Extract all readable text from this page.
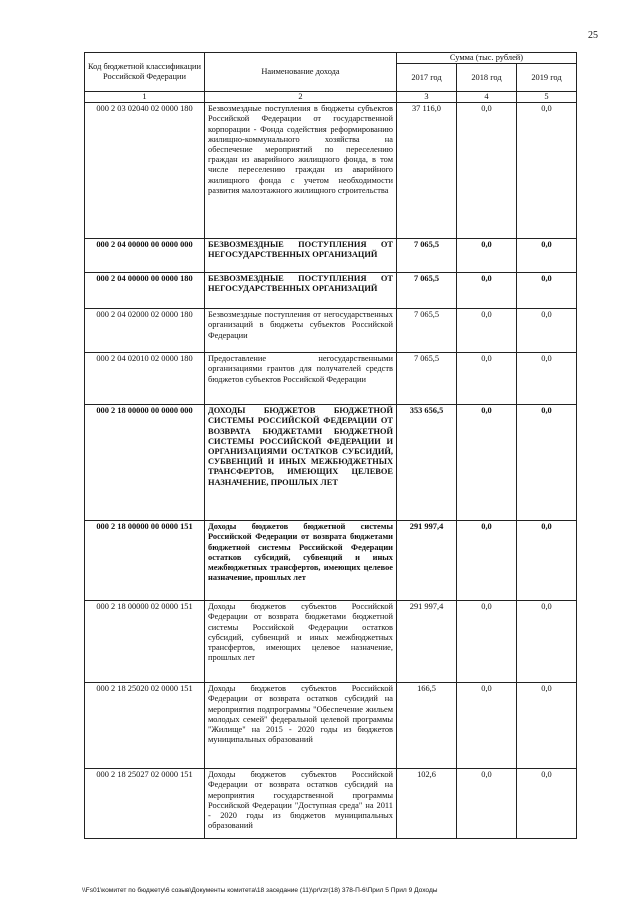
25
Код бюджетной классификации Российской Федерации	Наименование дохода	Сумма (тыс. рублей)		
		2017 год	2018 год	2019 год
1	2	3	4	5
000 2 03 02040 02 0000 180	Безвозмездные поступления в бюджеты субъектов Российской Федерации от государственной корпорации - Фонда содействия реформированию жилищно-коммунального хозяйства на обеспечение мероприятий по переселению граждан из аварийного жилищного фонда, в том числе переселению граждан из аварийного жилищного фонда с учетом необходимости развития малоэтажного жилищного строительства	37 116,0	0,0	0,0
000 2 04 00000 00 0000 000	БЕЗВОЗМЕЗДНЫЕ ПОСТУПЛЕНИЯ ОТ НЕГОСУДАРСТВЕННЫХ ОРГАНИЗАЦИЙ	7 065,5	0,0	0,0
000 2 04 00000 00 0000 180	БЕЗВОЗМЕЗДНЫЕ ПОСТУПЛЕНИЯ ОТ НЕГОСУДАРСТВЕННЫХ ОРГАНИЗАЦИЙ	7 065,5	0,0	0,0
000 2 04 02000 02 0000 180	Безвозмездные поступления от негосударственных организаций в бюджеты субъектов Российской Федерации	7 065,5	0,0	0,0
000 2 04 02010 02 0000 180	Предоставление негосударственными организациями грантов для получателей средств бюджетов субъектов Российской Федерации	7 065,5	0,0	0,0
000 2 18 00000 00 0000 000	ДОХОДЫ БЮДЖЕТОВ БЮДЖЕТНОЙ СИСТЕМЫ РОССИЙСКОЙ ФЕДЕРАЦИИ ОТ ВОЗВРАТА БЮДЖЕТАМИ БЮДЖЕТНОЙ СИСТЕМЫ РОССИЙСКОЙ ФЕДЕРАЦИИ И ОРГАНИЗАЦИЯМИ ОСТАТКОВ СУБСИДИЙ, СУБВЕНЦИЙ И ИНЫХ МЕЖБЮДЖЕТНЫХ ТРАНСФЕРТОВ, ИМЕЮЩИХ ЦЕЛЕВОЕ НАЗНАЧЕНИЕ, ПРОШЛЫХ ЛЕТ	353 656,5	0,0	0,0
000 2 18 00000 00 0000 151	Доходы бюджетов бюджетной системы Российской Федерации от возврата бюджетами бюджетной системы Российской Федерации остатков субсидий, субвенций и иных межбюджетных трансфертов, имеющих целевое назначение, прошлых лет	291 997,4	0,0	0,0
000 2 18 00000 02 0000 151	Доходы бюджетов субъектов Российской Федерации от возврата бюджетами бюджетной системы Российской Федерации остатков субсидий, субвенций и иных межбюджетных трансфертов, имеющих целевое назначение, прошлых лет	291 997,4	0,0	0,0
000 2 18 25020 02 0000 151	Доходы бюджетов субъектов Российской Федерации от возврата остатков субсидий на мероприятия подпрограммы "Обеспечение жильем молодых семей" федеральной целевой программы "Жилище" на 2015 - 2020 годы из бюджетов муниципальных образований	166,5	0,0	0,0
000 2 18 25027 02 0000 151	Доходы бюджетов субъектов Российской Федерации от возврата остатков субсидий на мероприятия государственной программы Российской Федерации "Доступная среда" на 2011 - 2020 годы из бюджетов муниципальных образований	102,6	0,0	0,0
\\Fs01\комитет по бюджету\6 созыв\Документы комитета\18 заседание (11)\pr\rzr(18) 378-П-6\Прил 5 Прил 9 Доходы
